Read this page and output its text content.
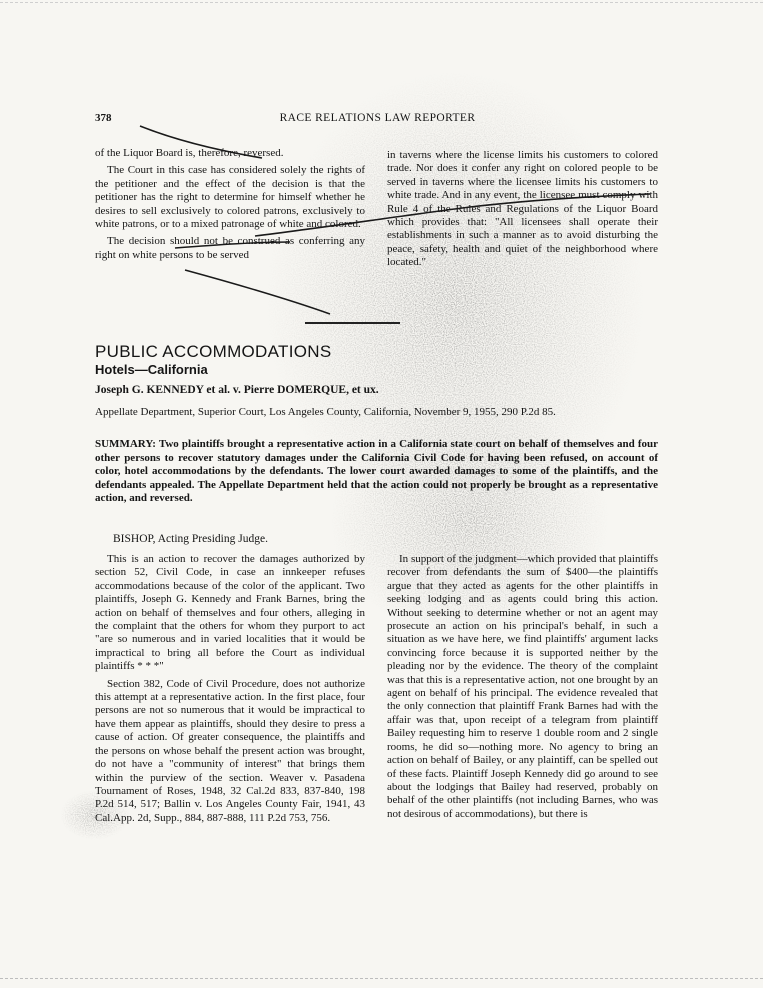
378	RACE RELATIONS LAW REPORTER

of the Liquor Board is, therefore, reversed.

The Court in this case has considered solely the rights of the petitioner and the effect of the decision is that the petitioner has the right to determine for himself whether he desires to sell exclusively to colored patrons, exclusively to white patrons, or to a mixed patronage of white and colored.

The decision should not be construed as conferring any right on white persons to be served

in taverns where the license limits his customers to colored trade. Nor does it confer any right on colored people to be served in taverns where the licensee limits his customers to white trade. And in any event, the licensee must comply with Rule 4 of the Rules and Regulations of the Liquor Board which provides that: "All licensees shall operate their establishments in such a manner as to avoid disturbing the peace, safety, health and quiet of the neighborhood where located."

PUBLIC ACCOMMODATIONS
Hotels—California
Joseph G. KENNEDY et al. v. Pierre DOMERQUE, et ux.
Appellate Department, Superior Court, Los Angeles County, California, November 9, 1955, 290 P.2d 85.
SUMMARY: Two plaintiffs brought a representative action in a California state court on behalf of themselves and four other persons to recover statutory damages under the California Civil Code for having been refused, on account of color, hotel accommodations by the defendants. The lower court awarded damages to some of the plaintiffs, and the defendants appealed. The Appellate Department held that the action could not properly be brought as a representative action, and reversed.
BISHOP, Acting Presiding Judge.

This is an action to recover the damages authorized by section 52, Civil Code, in case an innkeeper refuses accommodations because of the color of the applicant. Two plaintiffs, Joseph G. Kennedy and Frank Barnes, bring the action on behalf of themselves and four others, alleging in the complaint that the others for whom they purport to act "are so numerous and in varied localities that it would be impractical to bring all before the Court as individual plaintiffs * * *"

Section 382, Code of Civil Procedure, does not authorize this attempt at a representative action. In the first place, four persons are not so numerous that it would be impractical to have them appear as plaintiffs, should they desire to press a cause of action. Of greater consequence, the plaintiffs and the persons on whose behalf the present action was brought, do not have a "community of interest" that brings them within the purview of the section. Weaver v. Pasadena Tournament of Roses, 1948, 32 Cal.2d 833, 837-840, 198 P.2d 514, 517; Ballin v. Los Angeles County Fair, 1941, 43 Cal.App. 2d, Supp., 884, 887-888, 111 P.2d 753, 756.

In support of the judgment—which provided that plaintiffs recover from defendants the sum of $400—the plaintiffs argue that they acted as agents for the other plaintiffs in seeking lodging and as agents could bring this action. Without seeking to determine whether or not an agent may prosecute an action on his principal's behalf, in such a situation as we have here, we find plaintiffs' argument lacks convincing force because it is supported neither by the pleading nor by the evidence. The theory of the complaint was that this is a representative action, not one brought by an agent on behalf of his principal. The evidence revealed that the only connection that plaintiff Frank Barnes had with the affair was that, upon receipt of a telegram from plaintiff Bailey requesting him to reserve 1 double room and 2 single rooms, he did so—nothing more. No agency to bring an action on behalf of Bailey, or any plaintiff, can be spelled out of these facts. Plaintiff Joseph Kennedy did go around to see about the lodgings that Bailey had reserved, probably on behalf of the other plaintiffs (not including Barnes, who was not desirous of accommodations), but there is
